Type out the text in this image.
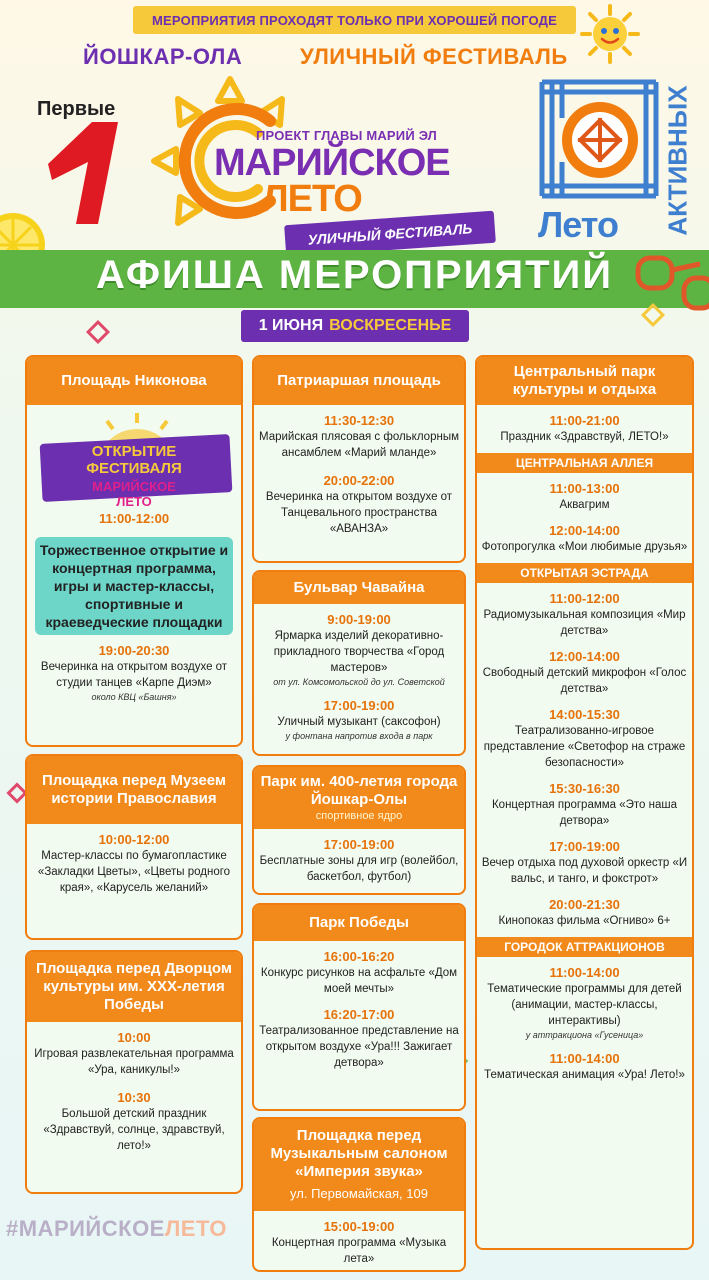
МЕРОПРИЯТИЯ ПРОХОДЯТ ТОЛЬКО ПРИ ХОРОШЕЙ ПОГОДЕ
ЙОШКАР-ОЛА	УЛИЧНЫЙ ФЕСТИВАЛЬ
Первые
ПРОЕКТ ГЛАВЫ МАРИЙ ЭЛ
МАРИЙСКОЕ
ЛЕТО
УЛИЧНЫЙ ФЕСТИВАЛЬ	Лето АКТИВНЫХ
АФИША МЕРОПРИЯТИЙ
1 ИЮНЯ ВОСКРЕСЕНЬЕ
Площадь Никонова
ОТКРЫТИЕ
ФЕСТИВАЛЯ
МАРИЙСКОЕ
ЛЕТО
11:00-12:00
Торжественное открытие и концертная программа, игры и мастер-классы, спортивные и краеведческие площадки
19:00-20:30
Вечеринка на открытом воздухе от студии танцев «Карпе Диэм»
около КВЦ «Башня»
Площадка перед Музеем истории Православия
10:00-12:00
Мастер-классы по бумагопластике «Закладки Цветы», «Цветы родного края», «Карусель желаний»
Площадка перед Дворцом культуры им. XXX-летия Победы
10:00
Игровая развлекательная программа «Ура, каникулы!»
10:30
Большой детский праздник «Здравствуй, солнце, здравствуй, лето!»
Патриаршая площадь
11:30-12:30
Марийская плясовая с фольклорным ансамблем «Марий мланде»
20:00-22:00
Вечеринка на открытом воздухе от Танцевального пространства «АВАНЗА»
Бульвар Чавайна
9:00-19:00
Ярмарка изделий декоративно-прикладного творчества «Город мастеров»
от ул. Комсомольской до ул. Советской
17:00-19:00
Уличный музыкант (саксофон)
у фонтана напротив входа в парк
Парк им. 400-летия города Йошкар-Олы
спортивное ядро
17:00-19:00
Бесплатные зоны для игр (волейбол, баскетбол, футбол)
Парк Победы
16:00-16:20
Конкурс рисунков на асфальте «Дом моей мечты»
16:20-17:00
Театрализованное представление на открытом воздухе «Ура!!! Зажигает детвора»
Площадка перед Музыкальным салоном «Империя звука»
ул. Первомайская, 109
15:00-19:00
Концертная программа «Музыка лета»
Центральный парк культуры и отдыха
11:00-21:00
Праздник «Здравствуй, ЛЕТО!»
ЦЕНТРАЛЬНАЯ АЛЛЕЯ
11:00-13:00
Аквагрим
12:00-14:00
Фотопрогулка «Мои любимые друзья»
ОТКРЫТАЯ ЭСТРАДА
11:00-12:00
Радиомузыкальная композиция «Мир детства»
12:00-14:00
Свободный детский микрофон «Голос детства»
14:00-15:30
Театрализованно-игровое представление «Светофор на страже безопасности»
15:30-16:30
Концертная программа «Это наша детвора»
17:00-19:00
Вечер отдыха под духовой оркестр «И вальс, и танго, и фокстрот»
20:00-21:30
Кинопоказ фильма «Огниво» 6+
ГОРОДОК АТТРАКЦИОНОВ
11:00-14:00
Тематические программы для детей (анимации, мастер-классы, интерактивы)
у аттракциона «Гусеница»
11:00-14:00
Тематическая анимация «Ура! Лето!»
#МАРИЙСКОЕЛЕТО
